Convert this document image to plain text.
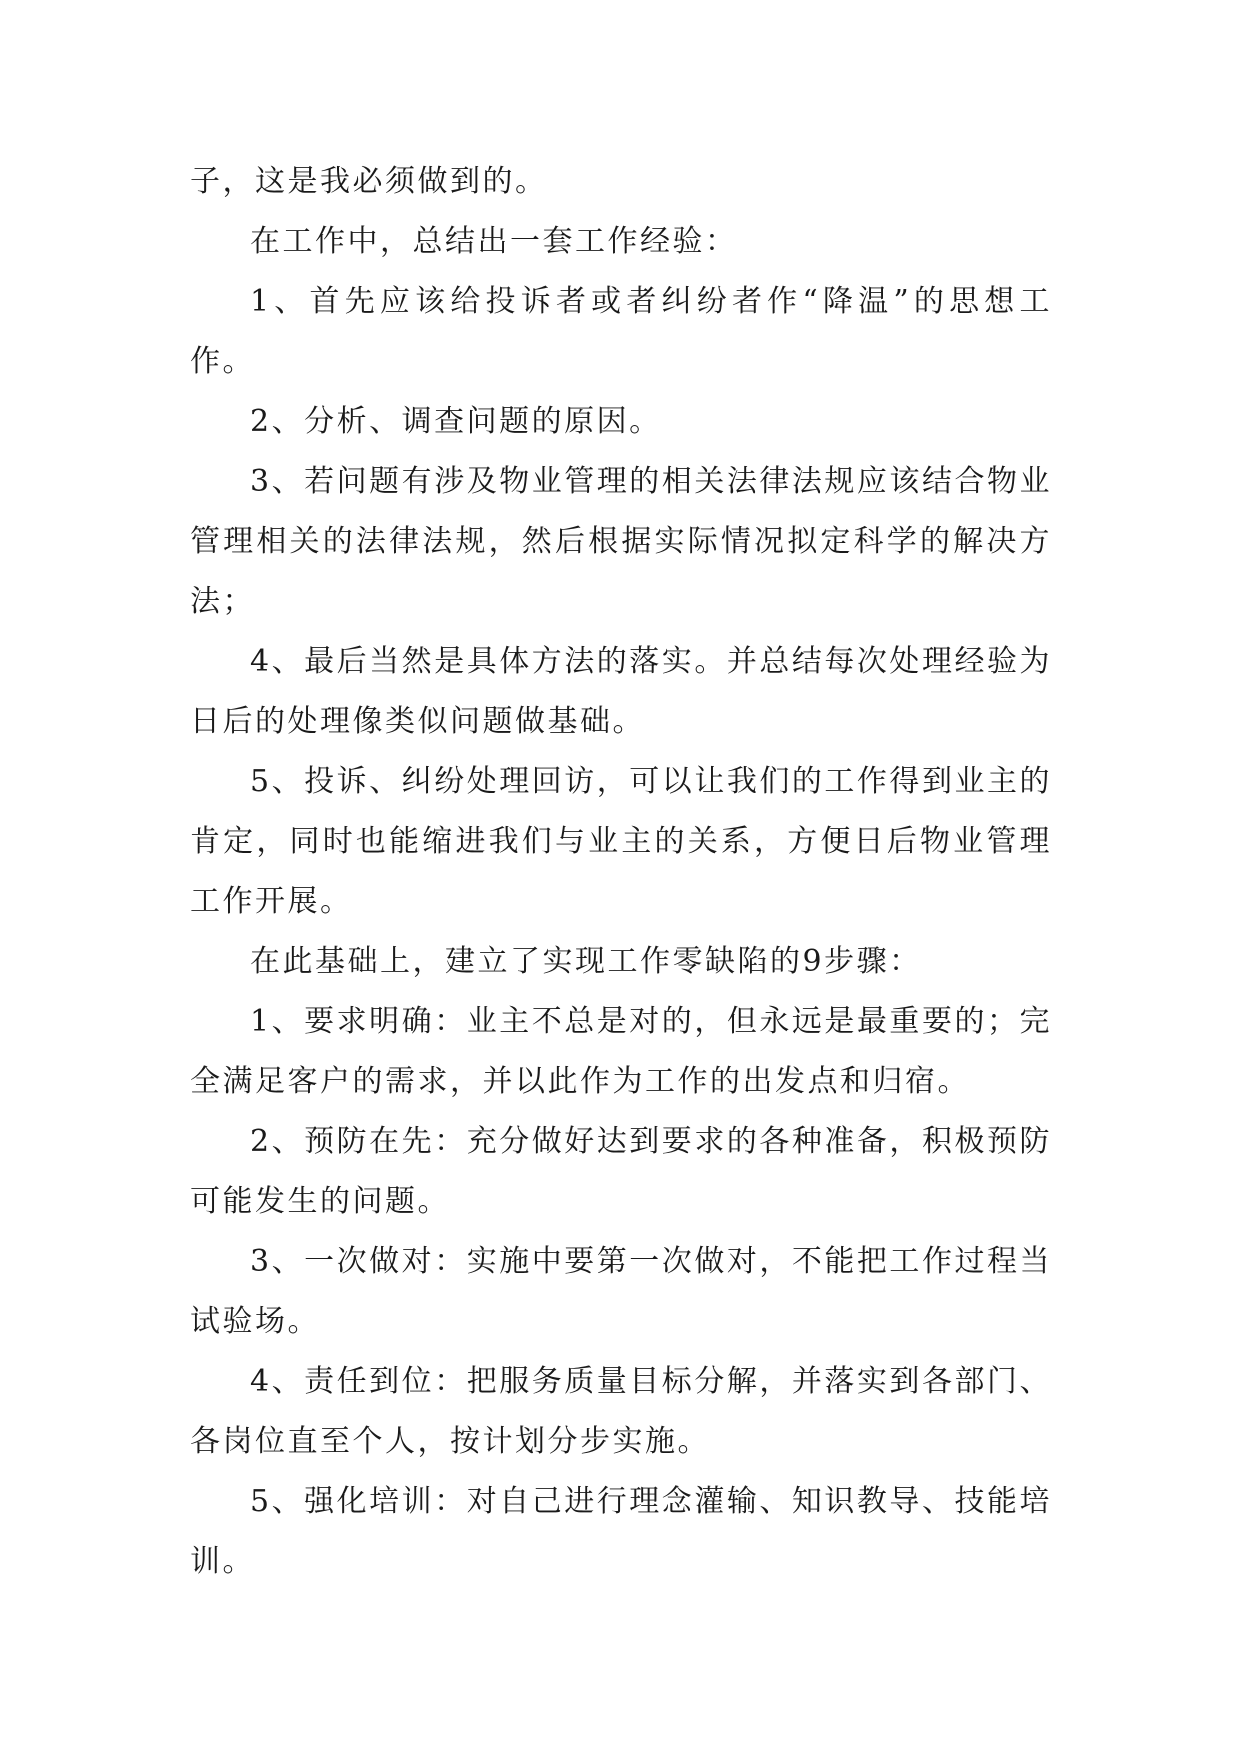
子，这是我必须做到的。

在工作中，总结出一套工作经验：

1、首先应该给投诉者或者纠纷者作“降温”的思想工作。

2、分析、调查问题的原因。

3、若问题有涉及物业管理的相关法律法规应该结合物业管理相关的法律法规，然后根据实际情况拟定科学的解决方法；

4、最后当然是具体方法的落实。并总结每次处理经验为日后的处理像类似问题做基础。

5、投诉、纠纷处理回访，可以让我们的工作得到业主的肯定，同时也能缩进我们与业主的关系，方便日后物业管理工作开展。

在此基础上，建立了实现工作零缺陷的9步骤：

1、要求明确：业主不总是对的，但永远是最重要的；完全满足客户的需求，并以此作为工作的出发点和归宿。

2、预防在先：充分做好达到要求的各种准备，积极预防可能发生的问题。

3、一次做对：实施中要第一次做对，不能把工作过程当试验场。

4、责任到位：把服务质量目标分解，并落实到各部门、各岗位直至个人，按计划分步实施。

5、强化培训：对自己进行理念灌输、知识教导、技能培训。
